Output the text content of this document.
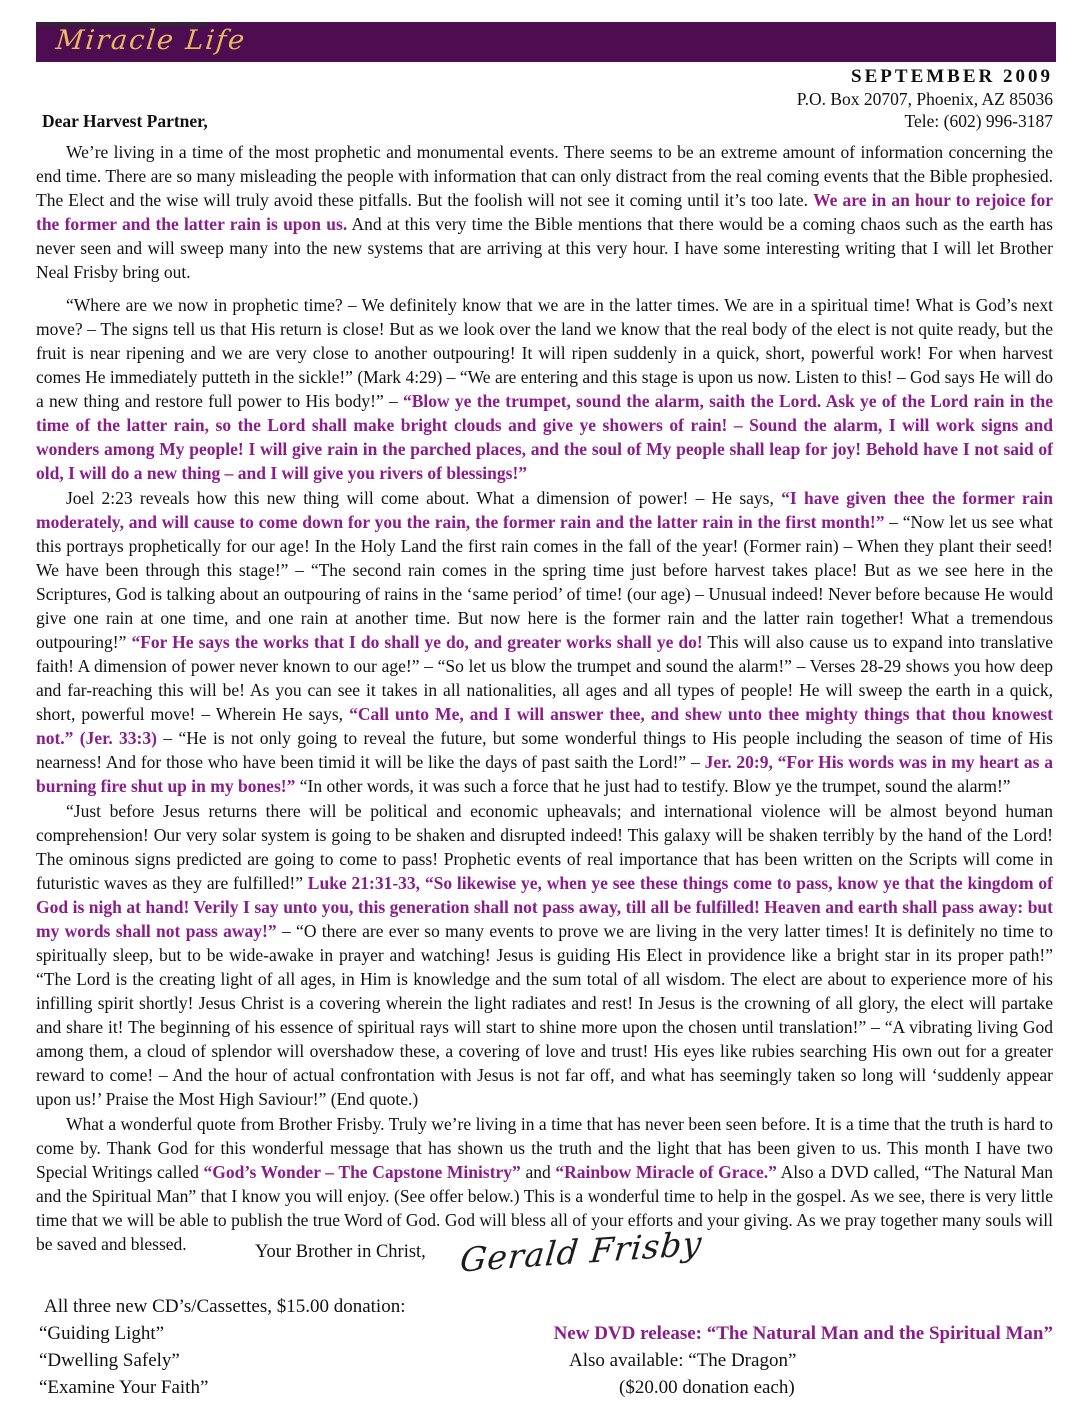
Miracle Life
SEPTEMBER 2009
P.O. Box 20707, Phoenix, AZ 85036
Tele: (602) 996-3187
Dear Harvest Partner,

We’re living in a time of the most prophetic and monumental events. There seems to be an extreme amount of information concerning the end time. There are so many misleading the people with information that can only distract from the real coming events that the Bible prophesied. The Elect and the wise will truly avoid these pitfalls. But the foolish will not see it coming until it’s too late. We are in an hour to rejoice for the former and the latter rain is upon us. And at this very time the Bible mentions that there would be a coming chaos such as the earth has never seen and will sweep many into the new systems that are arriving at this very hour. I have some interesting writing that I will let Brother Neal Frisby bring out.

“Where are we now in prophetic time? – We definitely know that we are in the latter times. We are in a spiritual time! What is God’s next move? – The signs tell us that His return is close! But as we look over the land we know that the real body of the elect is not quite ready, but the fruit is near ripening and we are very close to another outpouring! It will ripen suddenly in a quick, short, powerful work! For when harvest comes He immediately putteth in the sickle!” (Mark 4:29) – “We are entering and this stage is upon us now. Listen to this! – God says He will do a new thing and restore full power to His body!” – “Blow ye the trumpet, sound the alarm, saith the Lord. Ask ye of the Lord rain in the time of the latter rain, so the Lord shall make bright clouds and give ye showers of rain! – Sound the alarm, I will work signs and wonders among My people! I will give rain in the parched places, and the soul of My people shall leap for joy! Behold have I not said of old, I will do a new thing – and I will give you rivers of blessings!”

Joel 2:23 reveals how this new thing will come about. What a dimension of power! – He says, “I have given thee the former rain moderately, and will cause to come down for you the rain, the former rain and the latter rain in the first month!” – “Now let us see what this portrays prophetically for our age! In the Holy Land the first rain comes in the fall of the year! (Former rain) – When they plant their seed! We have been through this stage!” – “The second rain comes in the spring time just before harvest takes place! But as we see here in the Scriptures, God is talking about an outpouring of rains in the ‘same period’ of time! (our age) – Unusual indeed! Never before because He would give one rain at one time, and one rain at another time. But now here is the former rain and the latter rain together! What a tremendous outpouring!” “For He says the works that I do shall ye do, and greater works shall ye do! This will also cause us to expand into translative faith! A dimension of power never known to our age!” – “So let us blow the trumpet and sound the alarm!” – Verses 28-29 shows you how deep and far-reaching this will be! As you can see it takes in all nationalities, all ages and all types of people! He will sweep the earth in a quick, short, powerful move! – Wherein He says, “Call unto Me, and I will answer thee, and shew unto thee mighty things that thou knowest not.” (Jer. 33:3) – “He is not only going to reveal the future, but some wonderful things to His people including the season of time of His nearness! And for those who have been timid it will be like the days of past saith the Lord!” – Jer. 20:9, “For His words was in my heart as a burning fire shut up in my bones!” “In other words, it was such a force that he just had to testify. Blow ye the trumpet, sound the alarm!”

“Just before Jesus returns there will be political and economic upheavals; and international violence will be almost beyond human comprehension! Our very solar system is going to be shaken and disrupted indeed! This galaxy will be shaken terribly by the hand of the Lord! The ominous signs predicted are going to come to pass! Prophetic events of real importance that has been written on the Scripts will come in futuristic waves as they are fulfilled!” Luke 21:31-33, “So likewise ye, when ye see these things come to pass, know ye that the kingdom of God is nigh at hand! Verily I say unto you, this generation shall not pass away, till all be fulfilled! Heaven and earth shall pass away: but my words shall not pass away!” – “O there are ever so many events to prove we are living in the very latter times! It is definitely no time to spiritually sleep, but to be wide-awake in prayer and watching! Jesus is guiding His Elect in providence like a bright star in its proper path!” “The Lord is the creating light of all ages, in Him is knowledge and the sum total of all wisdom. The elect are about to experience more of his infilling spirit shortly! Jesus Christ is a covering wherein the light radiates and rest! In Jesus is the crowning of all glory, the elect will partake and share it! The beginning of his essence of spiritual rays will start to shine more upon the chosen until translation!” – “A vibrating living God among them, a cloud of splendor will overshadow these, a covering of love and trust! His eyes like rubies searching His own out for a greater reward to come! – And the hour of actual confrontation with Jesus is not far off, and what has seemingly taken so long will ‘suddenly appear upon us!’ Praise the Most High Saviour!” (End quote.)

What a wonderful quote from Brother Frisby. Truly we’re living in a time that has never been seen before. It is a time that the truth is hard to come by. Thank God for this wonderful message that has shown us the truth and the light that has been given to us. This month I have two Special Writings called “God’s Wonder – The Capstone Ministry” and “Rainbow Miracle of Grace.” Also a DVD called, “The Natural Man and the Spiritual Man” that I know you will enjoy. (See offer below.) This is a wonderful time to help in the gospel. As we see, there is very little time that we will be able to publish the true Word of God. God will bless all of your efforts and your giving. As we pray together many souls will be saved and blessed.	Your Brother in Christ, Gerald Frisby
All three new CD’s/Cassettes, $15.00 donation:
“Guiding Light”	New DVD release: “The Natural Man and the Spiritual Man”
“Dwelling Safely”	Also available: “The Dragon”
“Examine Your Faith”	($20.00 donation each)
